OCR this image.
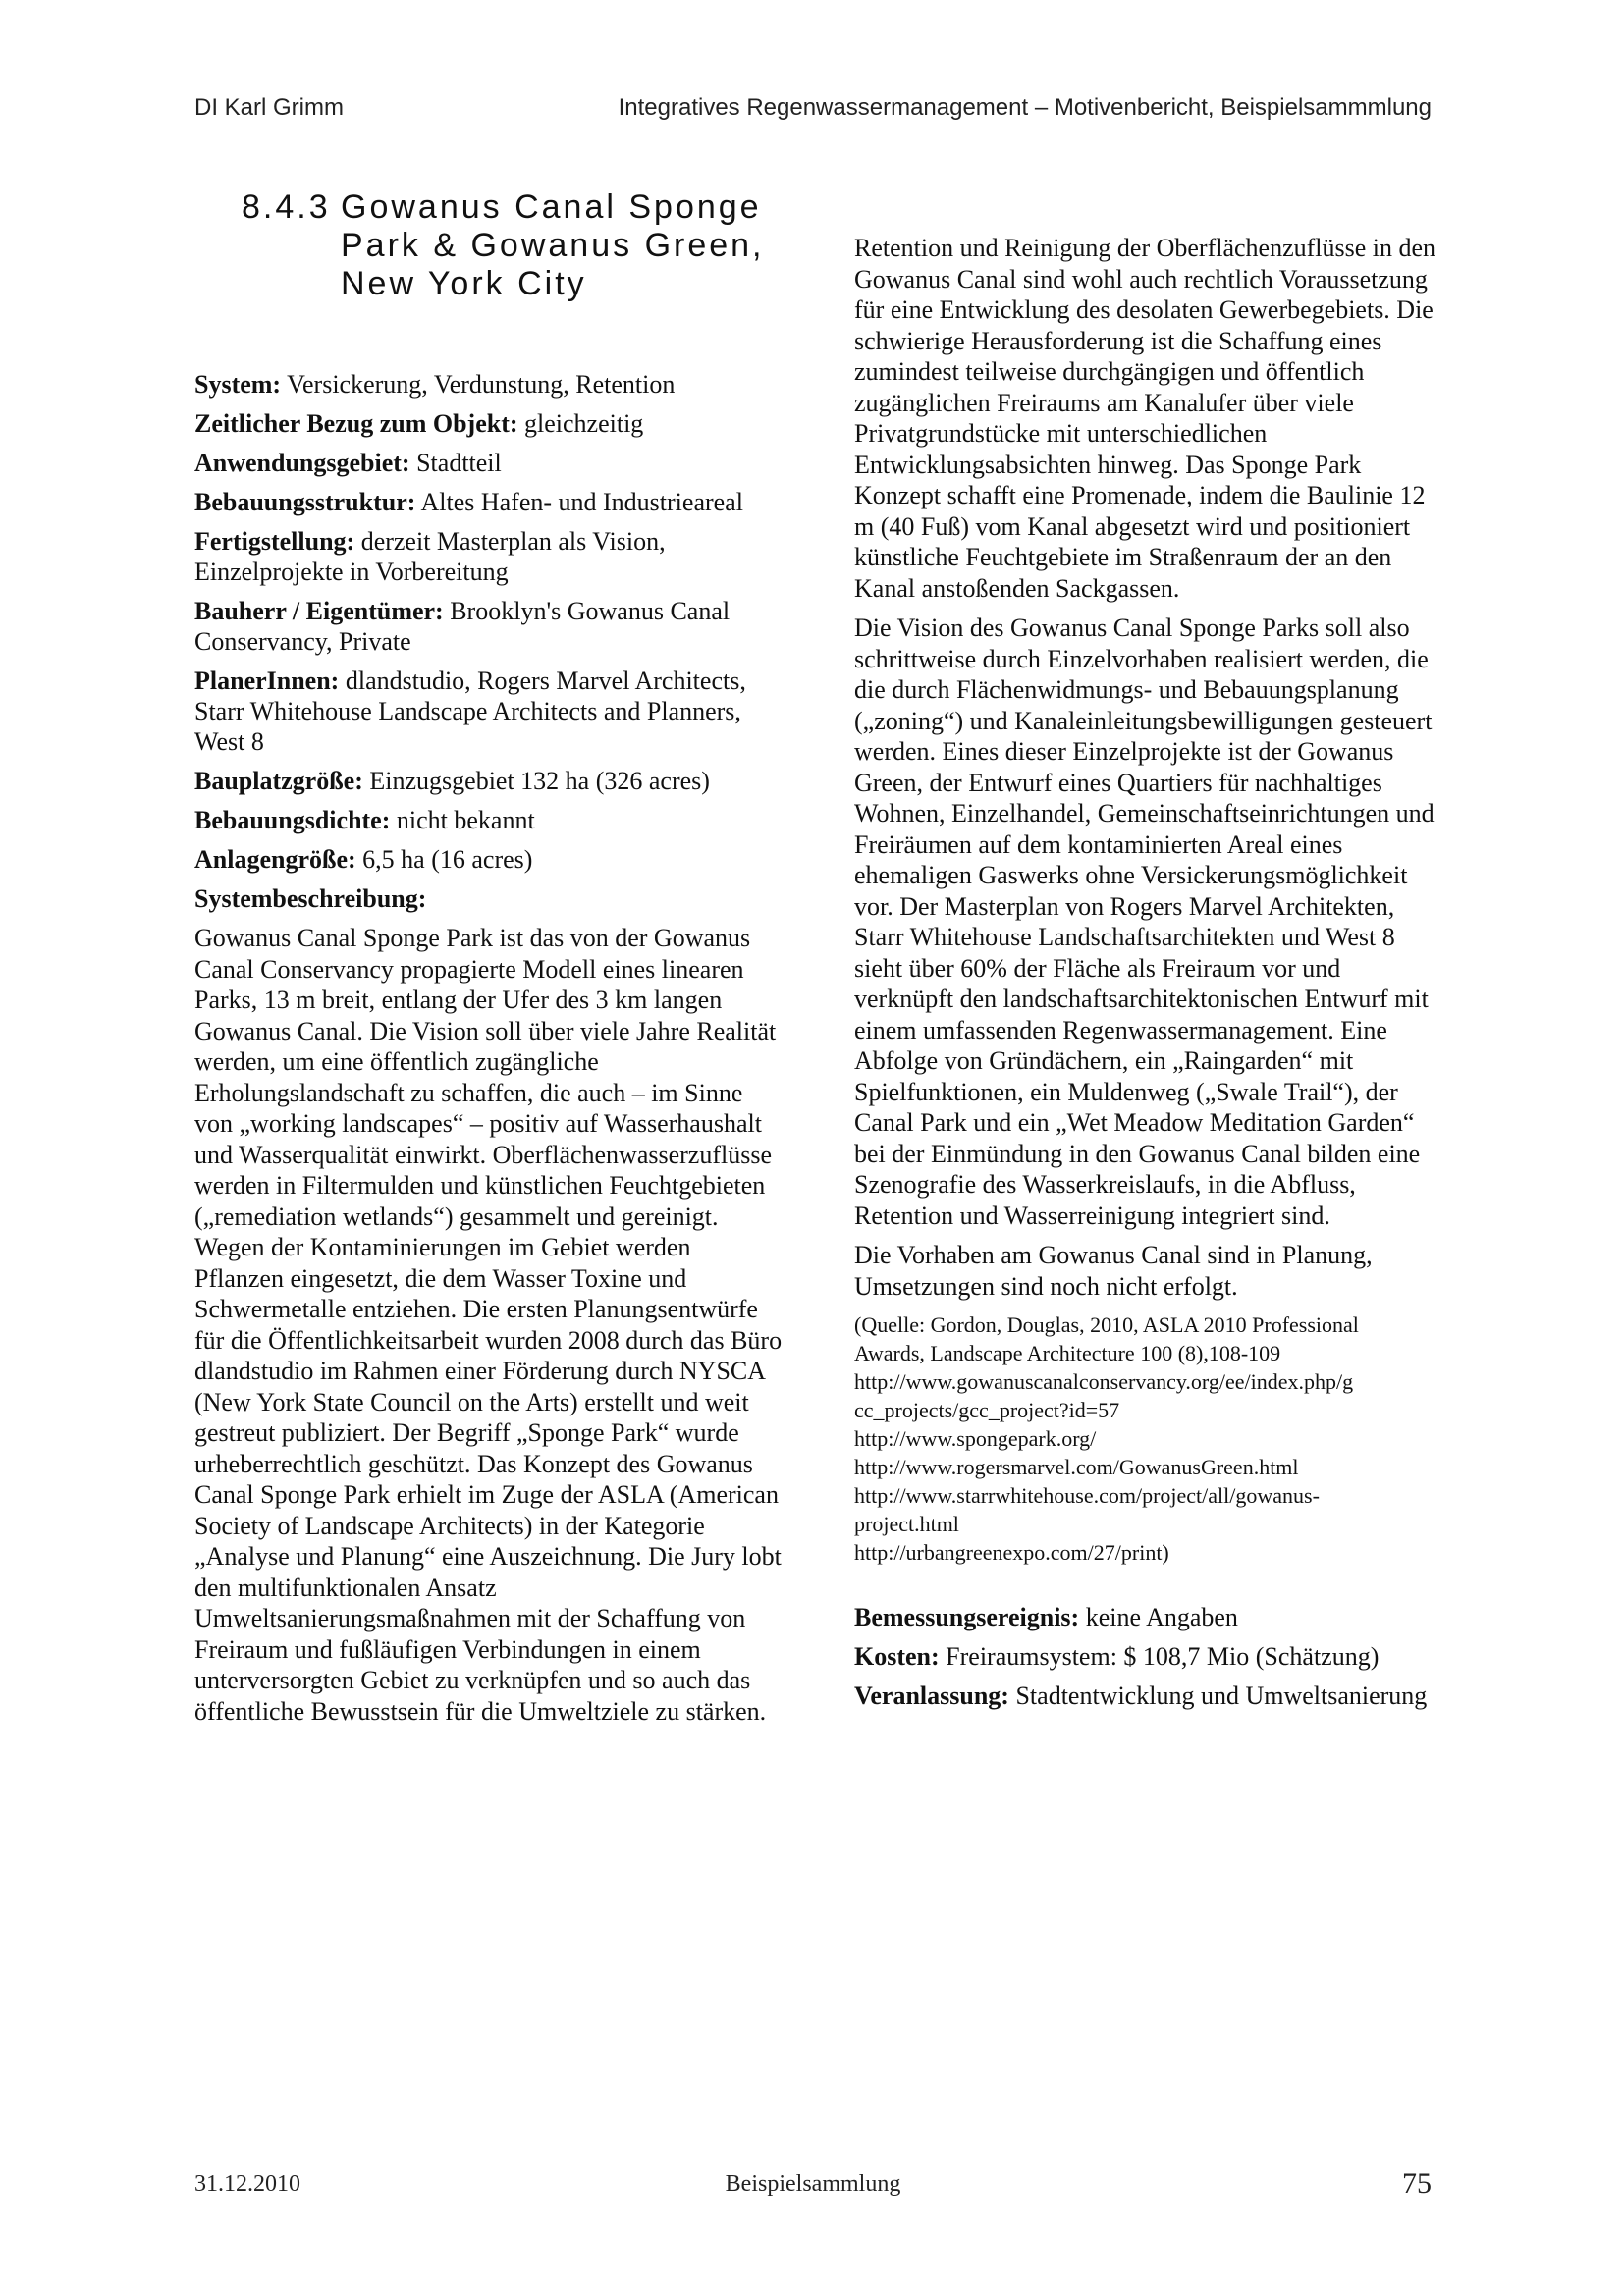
DI Karl Grimm	Integratives Regenwassermanagement – Motivenbericht, Beispielsammmlung
8.4.3 Gowanus Canal Sponge
Park & Gowanus Green,
New York City
System: Versickerung, Verdunstung, Retention
Zeitlicher Bezug zum Objekt: gleichzeitig
Anwendungsgebiet: Stadtteil
Bebauungsstruktur: Altes Hafen- und Industrieareal
Fertigstellung: derzeit Masterplan als Vision, Einzelprojekte in Vorbereitung
Bauherr / Eigentümer: Brooklyn's Gowanus Canal Conservancy, Private
PlanerInnen: dlandstudio, Rogers Marvel Architects, Starr Whitehouse Landscape Architects and Planners, West 8
Bauplatzgröße: Einzugsgebiet 132 ha (326 acres)
Bebauungsdichte: nicht bekannt
Anlagengröße: 6,5 ha (16 acres)
Systembeschreibung:

Gowanus Canal Sponge Park ist das von der Gowanus Canal Conservancy propagierte Modell eines linearen Parks, 13 m breit, entlang der Ufer des 3 km langen Gowanus Canal. Die Vision soll über viele Jahre Realität werden, um eine öffentlich zugängliche Erholungslandschaft zu schaffen, die auch – im Sinne von „working landscapes“ – positiv auf Wasserhaushalt und Wasserqualität einwirkt. Oberflächenwasserzuflüsse werden in Filtermulden und künstlichen Feuchtgebieten („remediation wetlands“) gesammelt und gereinigt. Wegen der Kontaminierungen im Gebiet werden Pflanzen eingesetzt, die dem Wasser Toxine und Schwermetalle entziehen. Die ersten Planungsentwürfe für die Öffentlichkeitsarbeit wurden 2008 durch das Büro dlandstudio im Rahmen einer Förderung durch NYSCA (New York State Council on the Arts) erstellt und weit gestreut publiziert. Der Begriff „Sponge Park“ wurde urheberrechtlich geschützt. Das Konzept des Gowanus Canal Sponge Park erhielt im Zuge der ASLA (American Society of Landscape Architects) in der Kategorie „Analyse und Planung“ eine Auszeichnung. Die Jury lobt den multifunktionalen Ansatz Umweltsanierungsmaßnahmen mit der Schaffung von Freiraum und fußläufigen Verbindungen in einem unterversorgten Gebiet zu verknüpfen und so auch das öffentliche Bewusstsein für die Umweltziele zu stärken.

Retention und Reinigung der Oberflächenzuflüsse in den Gowanus Canal sind wohl auch rechtlich Voraussetzung für eine Entwicklung des desolaten Gewerbegebiets. Die schwierige Herausforderung ist die Schaffung eines zumindest teilweise durchgängigen und öffentlich zugänglichen Freiraums am Kanalufer über viele Privatgrundstücke mit unterschiedlichen Entwicklungsabsichten hinweg. Das Sponge Park Konzept schafft eine Promenade, indem die Baulinie 12 m (40 Fuß) vom Kanal abgesetzt wird und positioniert künstliche Feuchtgebiete im Straßenraum der an den Kanal anstoßenden Sackgassen.

Die Vision des Gowanus Canal Sponge Parks soll also schrittweise durch Einzelvorhaben realisiert werden, die die durch Flächenwidmungs- und Bebauungsplanung („zoning“) und Kanaleinleitungsbewilligungen gesteuert werden. Eines dieser Einzelprojekte ist der Gowanus Green, der Entwurf eines Quartiers für nachhaltiges Wohnen, Einzelhandel, Gemeinschaftseinrichtungen und Freiräumen auf dem kontaminierten Areal eines ehemaligen Gaswerks ohne Versickerungsmöglichkeit vor. Der Masterplan von Rogers Marvel Architekten, Starr Whitehouse Landschaftsarchitekten und West 8 sieht über 60% der Fläche als Freiraum vor und verknüpft den landschaftsarchitektonischen Entwurf mit einem umfassenden Regenwassermanagement. Eine Abfolge von Gründächern, ein „Raingarden“ mit Spielfunktionen, ein Muldenweg („Swale Trail“), der Canal Park und ein „Wet Meadow Meditation Garden“ bei der Einmündung in den Gowanus Canal bilden eine Szenografie des Wasserkreislaufs, in die Abfluss, Retention und Wasserreinigung integriert sind.

Die Vorhaben am Gowanus Canal sind in Planung, Umsetzungen sind noch nicht erfolgt.

(Quelle: Gordon, Douglas, 2010, ASLA 2010 Professional
Awards, Landscape Architecture 100 (8),108-109
http://www.gowanuscanalconservancy.org/ee/index.php/g
cc_projects/gcc_project?id=57
http://www.spongepark.org/
http://www.rogersmarvel.com/GowanusGreen.html
http://www.starrwhitehouse.com/project/all/gowanus-
project.html
http://urbangreenexpo.com/27/print)
Bemessungsereignis: keine Angaben
Kosten: Freiraumsystem: $ 108,7 Mio (Schätzung)
Veranlassung: Stadtentwicklung und Umweltsanierung
31.12.2010	Beispielsammlung	75
